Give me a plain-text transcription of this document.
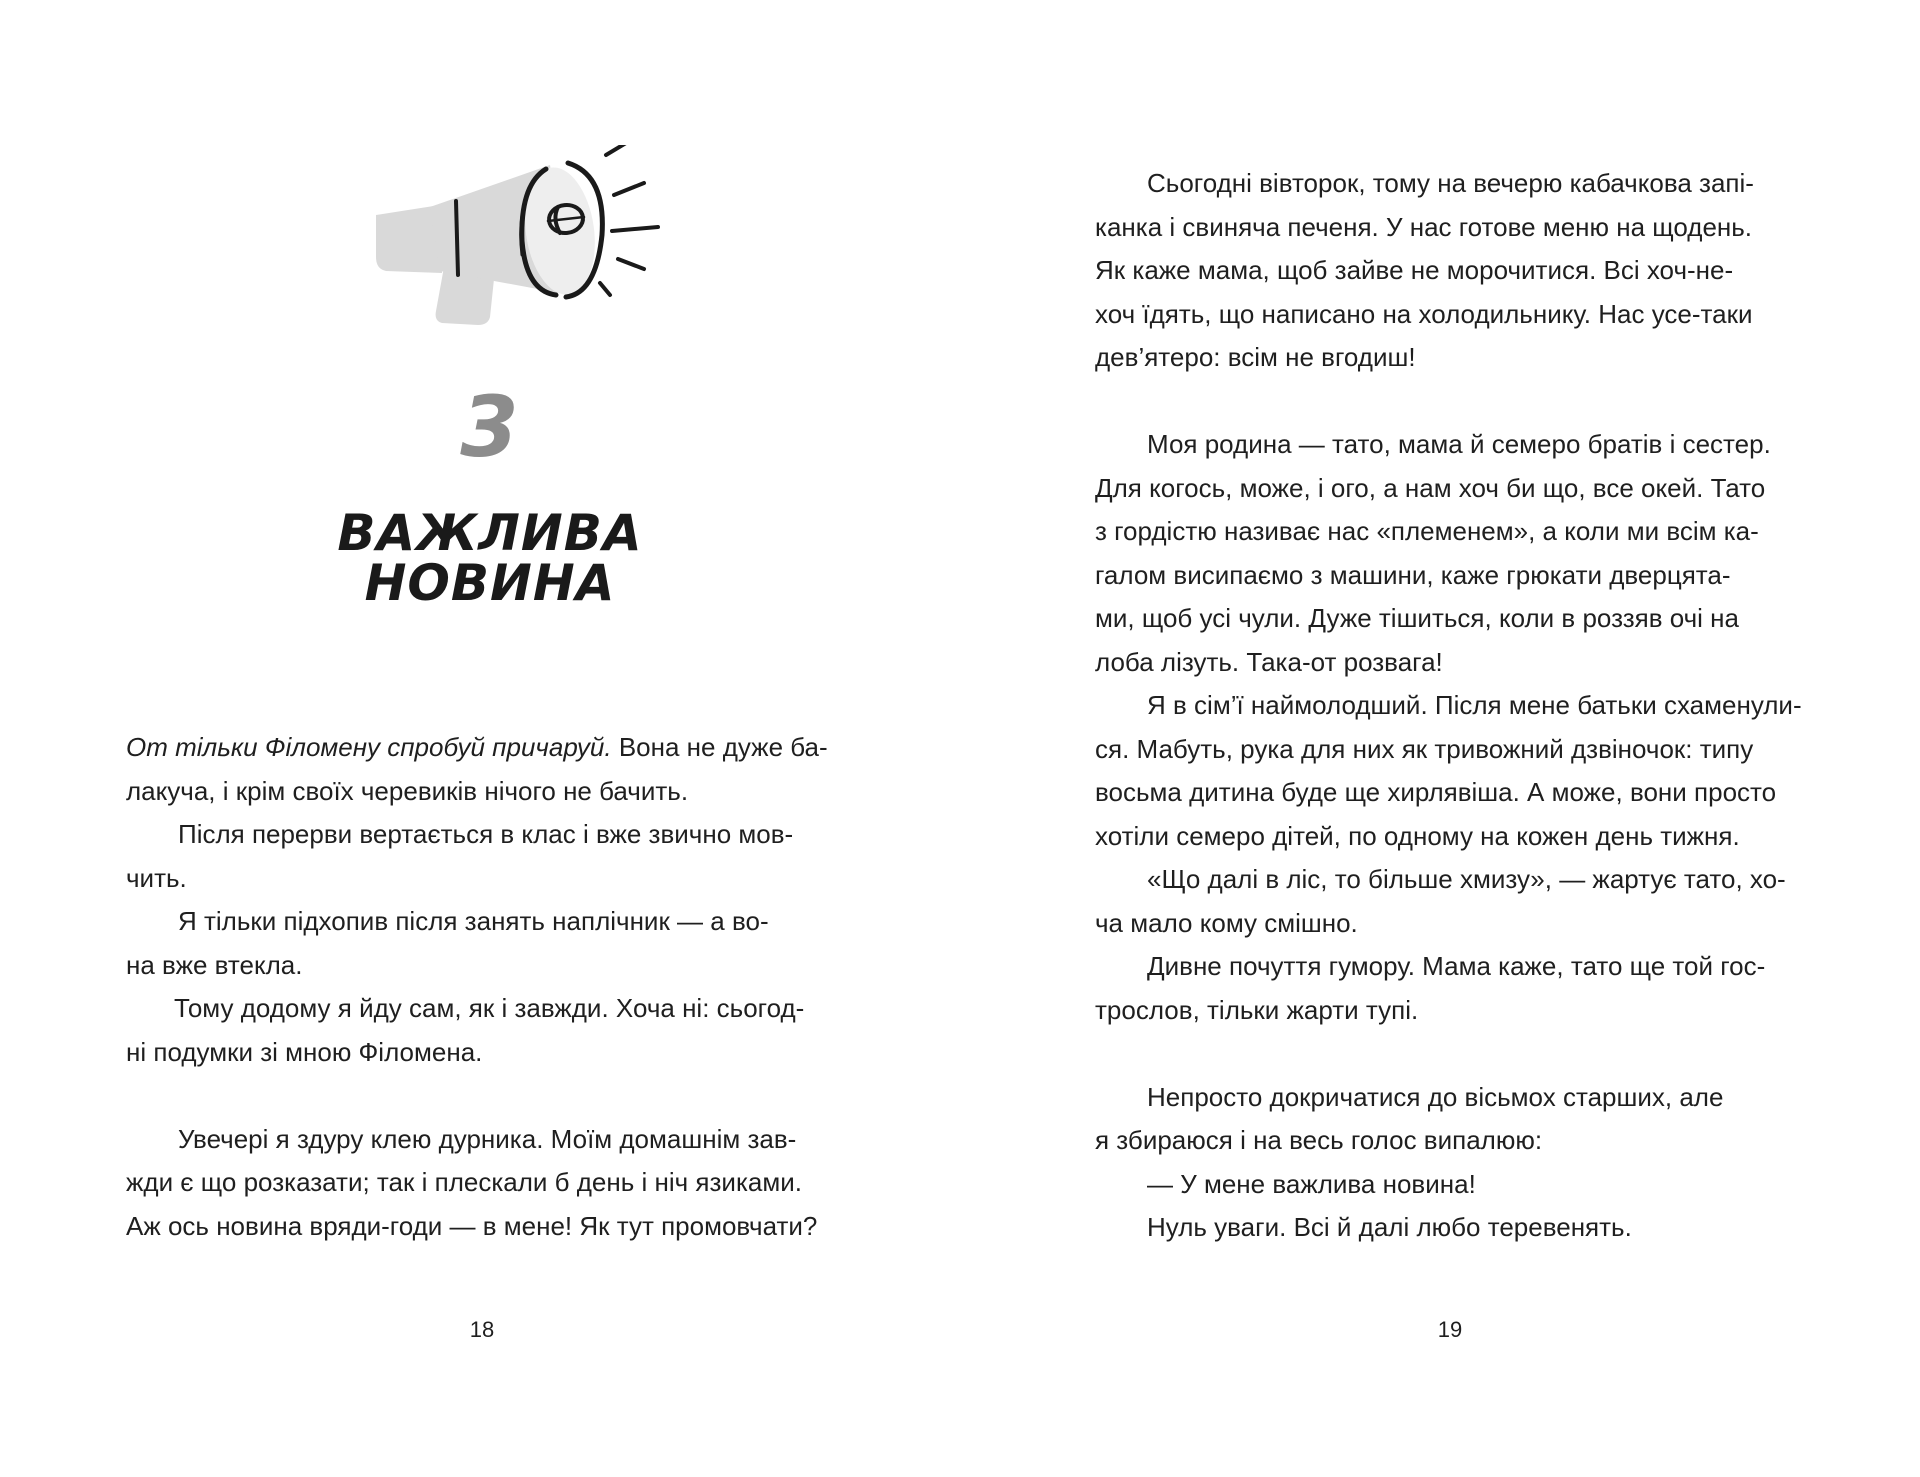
3
ВАЖЛИВА НОВИНА
От тільки Філомену спробуй причаруй. Вона не дуже ба-
лакуча, і крім своїх черевиків нічого не бачить.
Після перерви вертається в клас і вже звично мов-
чить.
Я тільки підхопив після занять наплічник — а во-
на вже втекла.
Тому додому я йду сам, як і завжди. Хоча ні: сьогод-
ні подумки зі мною Філомена.
Увечері я здуру клею дурника. Моїм домашнім зав-
жди є що розказати; так і плескали б день і ніч язиками.
Аж ось новина вряди-годи — в мене! Як тут промовчати?
18	19
Сьогодні вівторок, тому на вечерю кабачкова запі-
канка і свиняча печеня. У нас готове меню на щодень.
Як каже мама, щоб зайве не морочитися. Всі хоч-не-
хоч їдять, що написано на холодильнику. Нас усе-таки
дев’ятеро: всім не вгодиш!
Моя родина — тато, мама й семеро братів і сестер.
Для когось, може, і ого, а нам хоч би що, все окей. Тато
з гордістю називає нас «племенем», а коли ми всім ка-
галом висипаємо з машини, каже грюкати дверцята-
ми, щоб усі чули. Дуже тішиться, коли в роззяв очі на
лоба лізуть. Така-от розвага!
Я в сім’ї наймолодший. Після мене батьки схаменули-
ся. Мабуть, рука для них як тривожний дзвіночок: типу
восьма дитина буде ще хирлявіша. А може, вони просто
хотіли семеро дітей, по одному на кожен день тижня.
«Що далі в ліс, то більше хмизу», — жартує тато, хо-
ча мало кому смішно.
Дивне почуття гумору. Мама каже, тато ще той гос-
трослов, тільки жарти тупі.
Непросто докричатися до вісьмох старших, але
я збираюся і на весь голос випалюю:
— У мене важлива новина!
Нуль уваги. Всі й далі любо теревенять.
